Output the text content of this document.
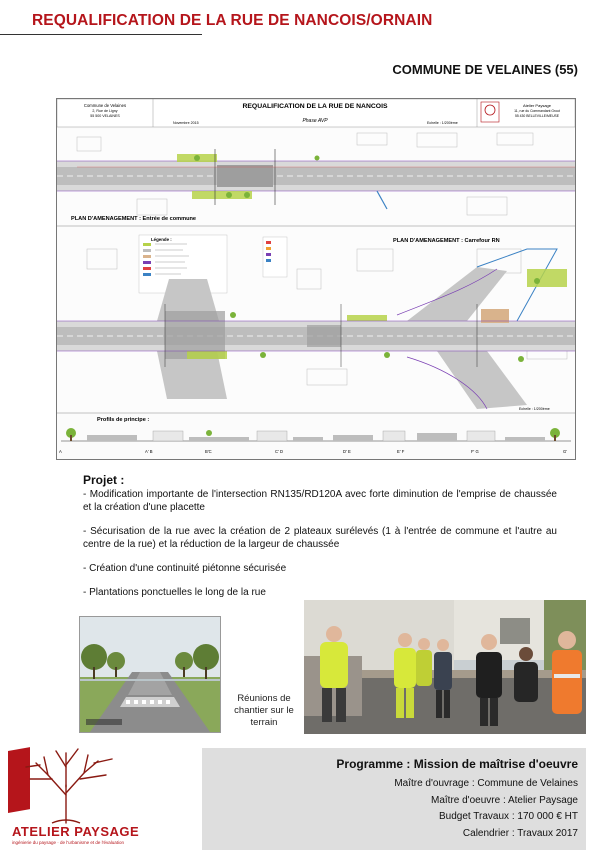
REQUALIFICATION DE LA RUE DE NANCOIS/ORNAIN
COMMUNE DE VELAINES (55)
Commune de Velaines
2, Rue de Ligny
55 500 VELAINES
Novembre 2015
REQUALIFICATION DE LA RUE DE NANCOIS
Phase AVP	Echelle : 1/200ème
Atelier Paysage
11, rue du Commandant Grout
55 430 BELLEVILLE/MEUSE
PLAN D'AMENAGEMENT : Entrée de commune
Légende :	PLAN D'AMENAGEMENT : Carrefour RN
Echelle : 1/200ème
Profils de principe :
A	A' B	B'C	C' D	D' E	E' F	F' G	G'
Projet :

- Modification importante de l'intersection RN135/RD120A avec forte diminution de l'emprise de chaussée et la création d'une placette

- Sécurisation de la rue avec la création de 2 plateaux surélevés (1 à l'entrée de commune et l'autre au centre de la rue) et la réduction de la largeur de chaussée

- Création d'une continuité piétonne sécurisée

- Plantations ponctuelles le long de la rue

Réunions de
chantier sur le
terrain
ATELIER PAYSAGE
ingénierie du paysage · de l'urbanisme et de l'évaluation
Programme : Mission de maîtrise d'oeuvre
Maître d'ouvrage : Commune de Velaines
Maître d'oeuvre : Atelier Paysage
Budget Travaux : 170 000 € HT
Calendrier : Travaux 2017
